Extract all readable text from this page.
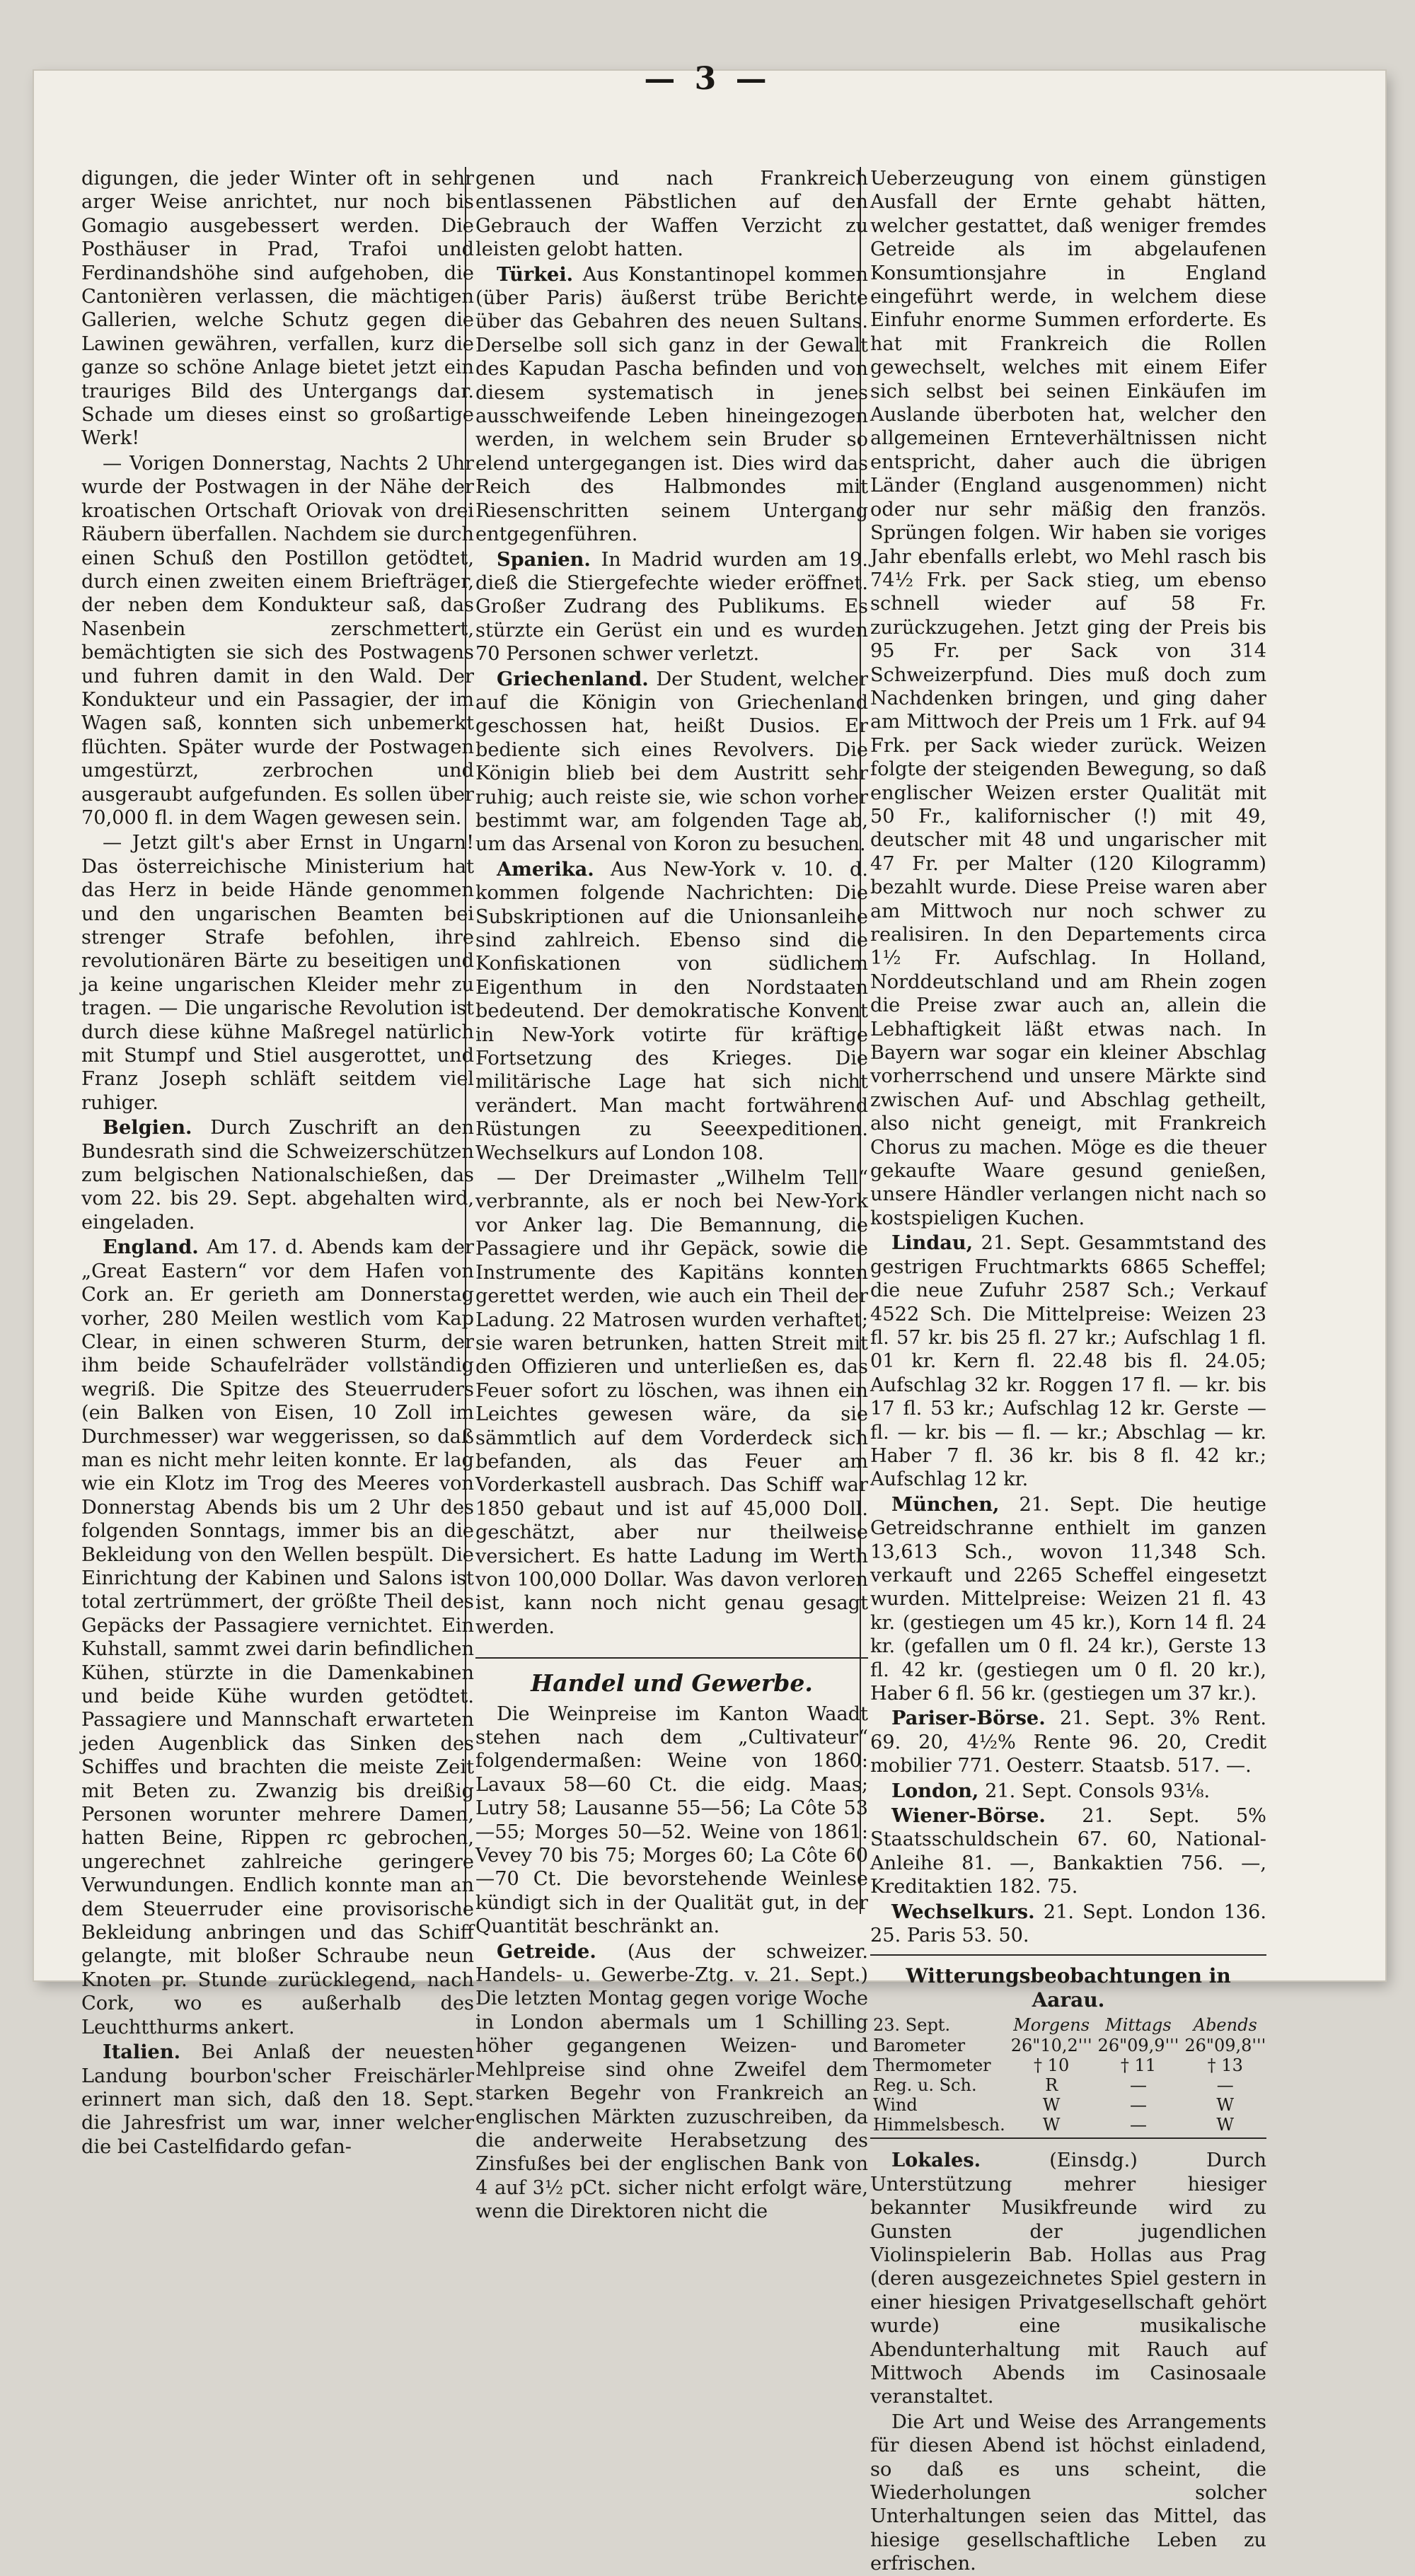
— 3 —

digungen, die jeder Winter oft in sehr arger Weise anrichtet, nur noch bis Gomagio ausgebessert werden. Die Posthäuser in Prad, Trafoi und Ferdinandshöhe sind aufgehoben, die Cantonièren verlassen, die mächtigen Gallerien, welche Schutz gegen die Lawinen gewähren, verfallen, kurz die ganze so schöne Anlage bietet jetzt ein trauriges Bild des Untergangs dar. Schade um dieses einst so großartige Werk!

— Vorigen Donnerstag, Nachts 2 Uhr wurde der Postwagen in der Nähe der kroatischen Ortschaft Oriovak von drei Räubern überfallen. Nachdem sie durch einen Schuß den Postillon getödtet, durch einen zweiten einem Briefträger, der neben dem Kondukteur saß, das Nasenbein zerschmettert, bemächtigten sie sich des Postwagens und fuhren damit in den Wald. Der Kondukteur und ein Passagier, der im Wagen saß, konnten sich unbemerkt flüchten. Später wurde der Postwagen umgestürzt, zerbrochen und ausgeraubt aufgefunden. Es sollen über 70,000 fl. in dem Wagen gewesen sein.

— Jetzt gilt's aber Ernst in Ungarn! Das österreichische Ministerium hat das Herz in beide Hände genommen und den ungarischen Beamten bei strenger Strafe befohlen, ihre revolutionären Bärte zu beseitigen und ja keine ungarischen Kleider mehr zu tragen. — Die ungarische Revolution ist durch diese kühne Maßregel natürlich mit Stumpf und Stiel ausgerottet, und Franz Joseph schläft seitdem viel ruhiger.

Belgien. Durch Zuschrift an den Bundesrath sind die Schweizerschützen zum belgischen Nationalschießen, das vom 22. bis 29. Sept. abgehalten wird, eingeladen.

England. Am 17. d. Abends kam der „Great Eastern“ vor dem Hafen von Cork an. Er gerieth am Donnerstag vorher, 280 Meilen westlich vom Kap Clear, in einen schweren Sturm, der ihm beide Schaufelräder vollständig wegriß. Die Spitze des Steuerruders (ein Balken von Eisen, 10 Zoll im Durchmesser) war weggerissen, so daß man es nicht mehr leiten konnte. Er lag wie ein Klotz im Trog des Meeres von Donnerstag Abends bis um 2 Uhr des folgenden Sonntags, immer bis an die Bekleidung von den Wellen bespült. Die Einrichtung der Kabinen und Salons ist total zertrümmert, der größte Theil des Gepäcks der Passagiere vernichtet. Ein Kuhstall, sammt zwei darin befindlichen Kühen, stürzte in die Damenkabinen und beide Kühe wurden getödtet. Passagiere und Mannschaft erwarteten jeden Augenblick das Sinken des Schiffes und brachten die meiste Zeit mit Beten zu. Zwanzig bis dreißig Personen worunter mehrere Damen, hatten Beine, Rippen rc gebrochen, ungerechnet zahlreiche geringere Verwundungen. Endlich konnte man an dem Steuerruder eine provisorische Bekleidung anbringen und das Schiff gelangte, mit bloßer Schraube neun Knoten pr. Stunde zurücklegend, nach Cork, wo es außerhalb des Leuchtthurms ankert.

Italien. Bei Anlaß der neuesten Landung bourbon'scher Freischärler erinnert man sich, daß den 18. Sept. die Jahresfrist um war, inner welcher die bei Castelfidardo gefan-

genen und nach Frankreich entlassenen Päbstlichen auf den Gebrauch der Waffen Verzicht zu leisten gelobt hatten.

Türkei. Aus Konstantinopel kommen (über Paris) äußerst trübe Berichte über das Gebahren des neuen Sultans. Derselbe soll sich ganz in der Gewalt des Kapudan Pascha befinden und von diesem systematisch in jenes ausschweifende Leben hineingezogen werden, in welchem sein Bruder so elend untergegangen ist. Dies wird das Reich des Halbmondes mit Riesenschritten seinem Untergang entgegenführen.

Spanien. In Madrid wurden am 19. dieß die Stiergefechte wieder eröffnet. Großer Zudrang des Publikums. Es stürzte ein Gerüst ein und es wurden 70 Personen schwer verletzt.

Griechenland. Der Student, welcher auf die Königin von Griechenland geschossen hat, heißt Dusios. Er bediente sich eines Revolvers. Die Königin blieb bei dem Austritt sehr ruhig; auch reiste sie, wie schon vorher bestimmt war, am folgenden Tage ab, um das Arsenal von Koron zu besuchen.

Amerika. Aus New-York v. 10. d. kommen folgende Nachrichten: Die Subskriptionen auf die Unionsanleihe sind zahlreich. Ebenso sind die Konfiskationen von südlichem Eigenthum in den Nordstaaten bedeutend. Der demokratische Konvent in New-York votirte für kräftige Fortsetzung des Krieges. Die militärische Lage hat sich nicht verändert. Man macht fortwährend Rüstungen zu Seeexpeditionen. Wechselkurs auf London 108.

— Der Dreimaster „Wilhelm Tell“ verbrannte, als er noch bei New-York vor Anker lag. Die Bemannung, die Passagiere und ihr Gepäck, sowie die Instrumente des Kapitäns konnten gerettet werden, wie auch ein Theil der Ladung. 22 Matrosen wurden verhaftet; sie waren betrunken, hatten Streit mit den Offizieren und unterließen es, das Feuer sofort zu löschen, was ihnen ein Leichtes gewesen wäre, da sie sämmtlich auf dem Vorderdeck sich befanden, als das Feuer am Vorderkastell ausbrach. Das Schiff war 1850 gebaut und ist auf 45,000 Doll. geschätzt, aber nur theilweise versichert. Es hatte Ladung im Werth von 100,000 Dollar. Was davon verloren ist, kann noch nicht genau gesagt werden.

Handel und Gewerbe.

Die Weinpreise im Kanton Waadt stehen nach dem „Cultivateur“ folgendermaßen: Weine von 1860: Lavaux 58—60 Ct. die eidg. Maas; Lutry 58; Lausanne 55—56; La Côte 53—55; Morges 50—52. Weine von 1861: Vevey 70 bis 75; Morges 60; La Côte 60—70 Ct. Die bevorstehende Weinlese kündigt sich in der Qualität gut, in der Quantität beschränkt an.

Getreide. (Aus der schweizer. Handels- u. Gewerbe-Ztg. v. 21. Sept.) Die letzten Montag gegen vorige Woche in London abermals um 1 Schilling höher gegangenen Weizen- und Mehlpreise sind ohne Zweifel dem starken Begehr von Frankreich an englischen Märkten zuzuschreiben, da die anderweite Herabsetzung des Zinsfußes bei der englischen Bank von 4 auf 3½ pCt. sicher nicht erfolgt wäre, wenn die Direktoren nicht die

Ueberzeugung von einem günstigen Ausfall der Ernte gehabt hätten, welcher gestattet, daß weniger fremdes Getreide als im abgelaufenen Konsumtionsjahre in England eingeführt werde, in welchem diese Einfuhr enorme Summen erforderte. Es hat mit Frankreich die Rollen gewechselt, welches mit einem Eifer sich selbst bei seinen Einkäufen im Auslande überboten hat, welcher den allgemeinen Ernteverhältnissen nicht entspricht, daher auch die übrigen Länder (England ausgenommen) nicht oder nur sehr mäßig den französ. Sprüngen folgen. Wir haben sie voriges Jahr ebenfalls erlebt, wo Mehl rasch bis 74½ Frk. per Sack stieg, um ebenso schnell wieder auf 58 Fr. zurückzugehen. Jetzt ging der Preis bis 95 Fr. per Sack von 314 Schweizerpfund. Dies muß doch zum Nachdenken bringen, und ging daher am Mittwoch der Preis um 1 Frk. auf 94 Frk. per Sack wieder zurück. Weizen folgte der steigenden Bewegung, so daß englischer Weizen erster Qualität mit 50 Fr., kalifornischer (!) mit 49, deutscher mit 48 und ungarischer mit 47 Fr. per Malter (120 Kilogramm) bezahlt wurde. Diese Preise waren aber am Mittwoch nur noch schwer zu realisiren. In den Departements circa 1½ Fr. Aufschlag. In Holland, Norddeutschland und am Rhein zogen die Preise zwar auch an, allein die Lebhaftigkeit läßt etwas nach. In Bayern war sogar ein kleiner Abschlag vorherrschend und unsere Märkte sind zwischen Auf- und Abschlag getheilt, also nicht geneigt, mit Frankreich Chorus zu machen. Möge es die theuer gekaufte Waare gesund genießen, unsere Händler verlangen nicht nach so kostspieligen Kuchen.

Lindau, 21. Sept. Gesammtstand des gestrigen Fruchtmarkts 6865 Scheffel; die neue Zufuhr 2587 Sch.; Verkauf 4522 Sch. Die Mittelpreise: Weizen 23 fl. 57 kr. bis 25 fl. 27 kr.; Aufschlag 1 fl. 01 kr. Kern fl. 22.48 bis fl. 24.05; Aufschlag 32 kr. Roggen 17 fl. — kr. bis 17 fl. 53 kr.; Aufschlag 12 kr. Gerste — fl. — kr. bis — fl. — kr.; Abschlag — kr. Haber 7 fl. 36 kr. bis 8 fl. 42 kr.; Aufschlag 12 kr.

München, 21. Sept. Die heutige Getreidschranne enthielt im ganzen 13,613 Sch., wovon 11,348 Sch. verkauft und 2265 Scheffel eingesetzt wurden. Mittelpreise: Weizen 21 fl. 43 kr. (gestiegen um 45 kr.), Korn 14 fl. 24 kr. (gefallen um 0 fl. 24 kr.), Gerste 13 fl. 42 kr. (gestiegen um 0 fl. 20 kr.), Haber 6 fl. 56 kr. (gestiegen um 37 kr.).

Pariser-Börse. 21. Sept. 3% Rent. 69. 20, 4½% Rente 96. 20, Credit mobilier 771. Oesterr. Staatsb. 517. —.

London, 21. Sept. Consols 93⅛.

Wiener-Börse. 21. Sept. 5% Staatsschuldschein 67. 60, National-Anleihe 81. —, Bankaktien 756. —, Kreditaktien 182. 75.

Wechselkurs. 21. Sept. London 136. 25. Paris 53. 50.

Witterungsbeobachtungen in Aarau.
23. Sept.	Morgens	Mittags	Abends
Barometer	26"10,2'''	26"09,9'''	26"09,8'''
Thermometer	† 10	† 11	† 13
Reg. u. Sch.	R	—	—
Wind	W	—	W
Himmelsbesch.	W	—	W

Lokales.	(Einsdg.) Durch Unterstützung mehrer hiesiger bekannter Musikfreunde wird zu Gunsten der jugendlichen Violinspielerin Bab. Hollas aus Prag (deren ausgezeichnetes Spiel gestern in einer hiesigen Privatgesellschaft gehört wurde) eine musikalische Abendunterhaltung mit Rauch auf Mittwoch Abends im Casinosaale veranstaltet.

Die Art und Weise des Arrangements für diesen Abend ist höchst einladend, so daß es uns scheint, die Wiederholungen solcher Unterhaltungen seien das Mittel, das hiesige gesellschaftliche Leben zu erfrischen.
